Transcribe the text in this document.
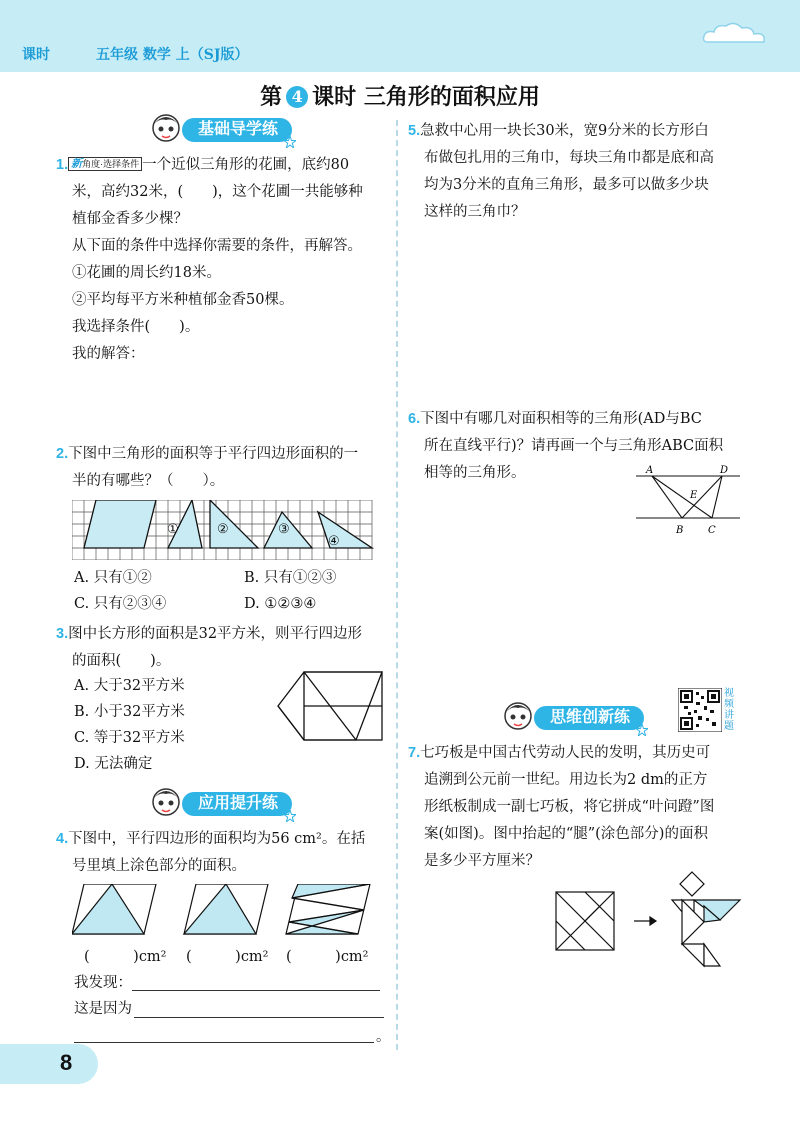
课时	五年级 数学 上（SJ版）
第 4 课时 三角形的面积应用
基础导学练
1. 新角度·选择条件 一个近似三角形的花圃，底约80
米，高约32米，(　　)，这个花圃一共能够种
植郁金香多少棵？
从下面的条件中选择你需要的条件，再解答。
①花圃的周长约18米。
②平均每平方米种植郁金香50棵。
我选择条件(　　)。
我的解答：
2.下图中三角形的面积等于平行四边形面积的一
半的有哪些？（　　）。
①	②	③
④
A. 只有①②	B. 只有①②③
C. 只有②③④	D. ①②③④
3.图中长方形的面积是32平方米，则平行四边形
的面积(　　)。
A. 大于32平方米
B. 小于32平方米
C. 等于32平方米
D. 无法确定
应用提升练
4.下图中，平行四边形的面积均为56 cm²。在括
号里填上涂色部分的面积。
(　　　)cm² (　　　)cm² (　　　)cm²
我发现：
这是因为
。
5.急救中心用一块长30米，宽9分米的长方形白
布做包扎用的三角巾，每块三角巾都是底和高
均为3分米的直角三角形，最多可以做多少块
这样的三角巾？
6.下图中有哪几对面积相等的三角形(AD与BC
所在直线平行)？请再画一个与三角形ABC面积
相等的三角形。	A	D
E
B C
思维创新练
视频讲题
7.七巧板是中国古代劳动人民的发明，其历史可
追溯到公元前一世纪。用边长为2 dm的正方
形纸板制成一副七巧板，将它拼成“叶问蹬”图
案(如图)。图中抬起的“腿”(涂色部分)的面积
是多少平方厘米？
8
